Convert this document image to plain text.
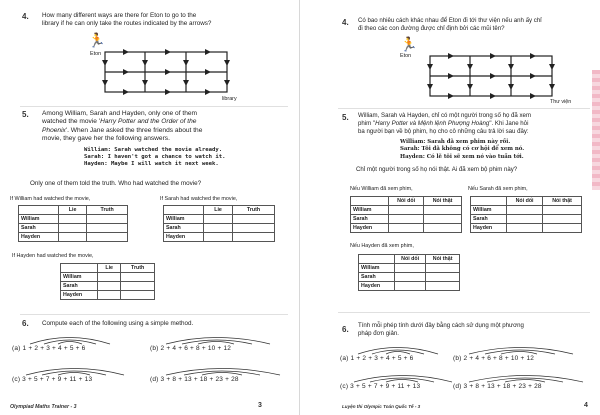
4. How many different ways are there for Eton to go to the
library if he can only take the routes indicated by the arrows?
Eton
🏃
library
5. Among William, Sarah and Hayden, only one of them
watched the movie 'Harry Potter and the Order of the
Phoenix'. When Jane asked the three friends about the
movie, they gave her the following answers.
William: Sarah watched the movie already.
Sarah: I haven't got a chance to watch it.
Hayden: Maybe I will watch it next week.
Only one of them told the truth. Who had watched the movie?
If William had watched the movie,
	Lie	Truth
William		
Sarah		
Hayden		
If Sarah had watched the movie,
	Lie	Truth
William		
Sarah		
Hayden		
If Hayden had watched the movie,
	Lie	Truth
William		
Sarah		
Hayden		
6. Compute each of the following using a simple method.
(a) 1 + 2 + 3 + 4 + 5 + 6	(b) 2 + 4 + 6 + 8 + 10 + 12
(c) 3 + 5 + 7 + 9 + 11 + 13	(d) 3 + 8 + 13 + 18 + 23 + 28
Olympiad Maths Trainer - 3	3
4. Có bao nhiêu cách khác nhau để Eton đi tới thư viện nếu anh ấy chỉ
đi theo các con đường được chỉ định bởi các mũi tên?
🏃
Eton
Thư viện
5. William, Sarah và Hayden, chỉ có một người trong số họ đã xem
phim "Harry Potter và Mệnh lệnh Phượng Hoàng". Khi Jane hỏi
ba người bạn về bộ phim, họ cho cô những câu trả lời sau đây:
William: Sarah đã xem phim này rồi.
Sarah: Tôi đã không có cơ hội để xem nó.
Hayden: Có lẽ tôi sẽ xem nó vào tuần tới.
Chỉ một người trong số họ nói thật. Ai đã xem bộ phim này?
Nếu William đã xem phim,
	Nói dối	Nói thật
William		
Sarah		
Hayden		
Nếu Sarah đã xem phim,
	Nói dối	Nói thật
William		
Sarah		
Hayden		
Nếu Hayden đã xem phim,
	Nói dối	Nói thật
William		
Sarah		
Hayden		
6. Tính mỗi phép tính dưới đây bằng cách sử dụng một phương
pháp đơn giản.
(a) 1 + 2 + 3 + 4 + 5 + 6	(b) 2 + 4 + 6 + 8 + 10 + 12
(c) 3 + 5 + 7 + 9 + 11 + 13	(d) 3 + 8 + 13 + 18 + 23 + 28
Luyện thi Olympic Toán Quốc Tế - 3	4
